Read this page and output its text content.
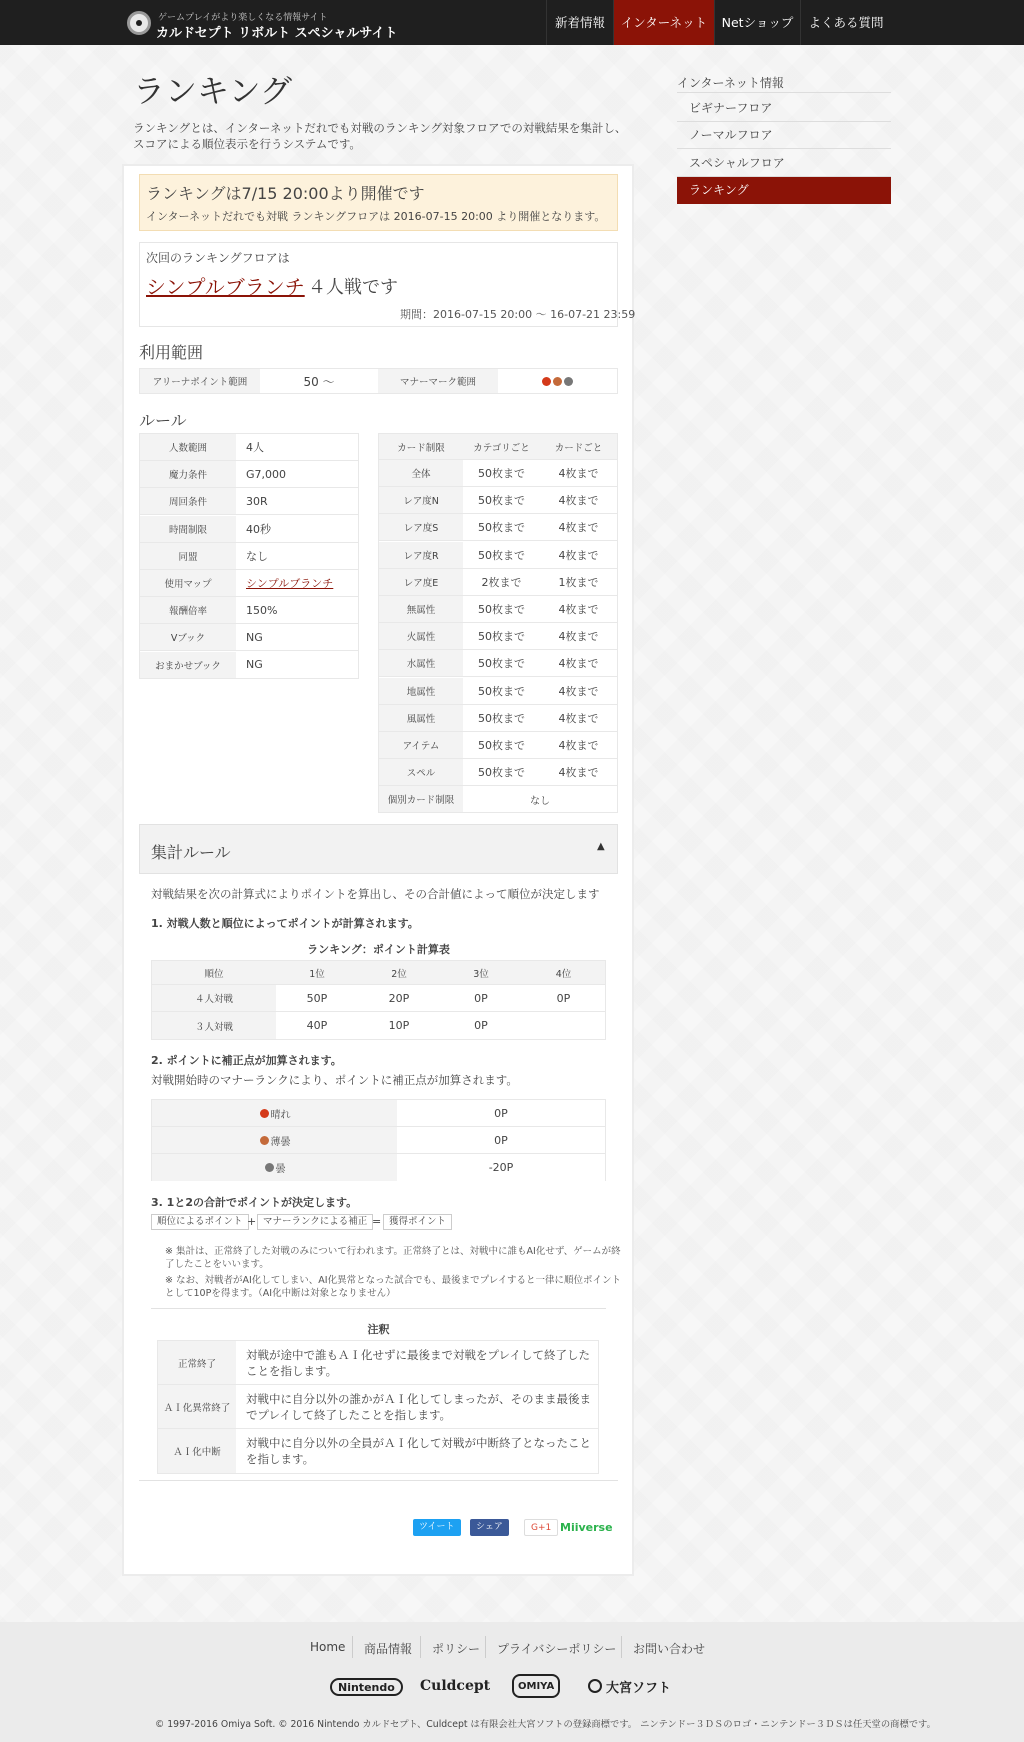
ゲームプレイがより楽しくなる情報サイト
カルドセプト リボルト スペシャルサイト
新着情報	インターネット	Netショップ	よくある質問
インターネット情報
ビギナーフロア
ノーマルフロア
スペシャルフロア
ランキング
ランキング
ランキングとは、インターネットだれでも対戦のランキング対象フロアでの対戦結果を集計し、
スコアによる順位表示を行うシステムです。
ランキングは7/15 20:00より開催です
インターネットだれでも対戦 ランキングフロアは 2016-07-15 20:00 より開催となります。
次回のランキングフロアは
シンプルブランチ ４人戦です
期間：2016-07-15 20:00 ～ 16-07-21 23:59
利用範囲
アリーナポイント範囲	50 ～	マナーマーク範囲
ルール
人数範囲	4人
魔力条件	G7,000
周回条件	30R
時間制限	40秒
同盟	なし
使用マップ	シンプルブランチ
報酬倍率	150%
Vブック	NG
おまかせブック	NG
カード制限	カテゴリごと	カードごと
全体	50枚まで	4枚まで
レア度N	50枚まで	4枚まで
レア度S	50枚まで	4枚まで
レア度R	50枚まで	4枚まで
レア度E	2枚まで	1枚まで
無属性	50枚まで	4枚まで
火属性	50枚まで	4枚まで
水属性	50枚まで	4枚まで
地属性	50枚まで	4枚まで
風属性	50枚まで	4枚まで
アイテム	50枚まで	4枚まで
スペル	50枚まで	4枚まで
個別カード制限	なし
集計ルール	▲
対戦結果を次の計算式によりポイントを算出し、その合計値によって順位が決定します
1. 対戦人数と順位によってポイントが計算されます。
ランキング：ポイント計算表
順位	1位	2位	3位	4位
４人対戦	50P	20P	0P	0P
３人対戦	40P	10P	0P
2. ポイントに補正点が加算されます。
対戦開始時のマナーランクにより、ポイントに補正点が加算されます。
晴れ	0P
薄曇	0P
曇	-20P
3. 1と2の合計でポイントが決定します。
順位によるポイント + マナーランクによる補正 = 獲得ポイント
※ 集計は、正常終了した対戦のみについて行われます。正常終了とは、対戦中に誰もAI化せず、ゲームが終
了したことをいいます。
※ なお、対戦者がAI化してしまい、AI化異常となった試合でも、最後までプレイすると一律に順位ポイント
として10Pを得ます。（AI化中断は対象となりません）
注釈
正常終了
対戦が途中で誰もＡＩ化せずに最後まで対戦をプレイして終了した
ことを指します。
ＡＩ化異常終了
対戦中に自分以外の誰かがＡＩ化してしまったが、そのまま最後ま
でプレイして終了したことを指します。
ＡＩ化中断
対戦中に自分以外の全員がＡＩ化して対戦が中断終了となったこと
を指します。
ツイート	シェア	G+1 Miiverse
Home 商品情報 ポリシー プライバシーポリシー お問い合わせ
Nintendo	Culdcept	OMIYA	大宮ソフト
© 1997-2016 Omiya Soft. © 2016 Nintendo カルドセプト、Culdcept は有限会社大宮ソフトの登録商標です。 ニンテンドー３ＤＳのロゴ・ニンテンドー３ＤＳは任天堂の商標です。
